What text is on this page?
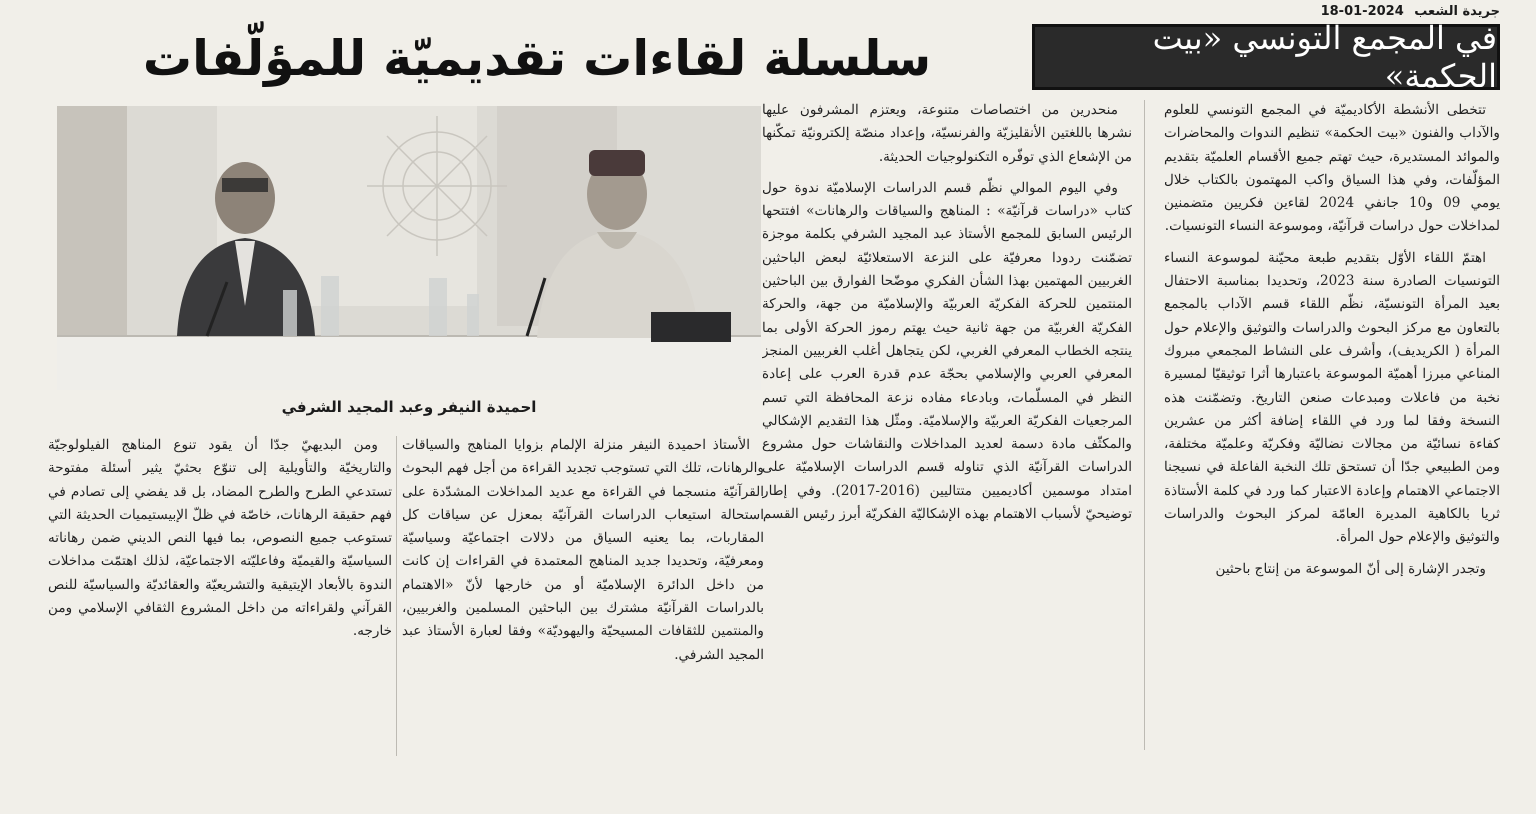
جريدة الشعب 2024-01-18
في المجمع التونسي «بيت الحكمة»
سلسلة لقاءات تقديميّة للمؤلّفات

تتخطى الأنشطة الأكاديميّة في المجمع التونسي للعلوم والآداب والفنون «بيت الحكمة» تنظيم الندوات والمحاضرات والموائد المستديرة، حيث تهتم جميع الأقسام العلميّة بتقديم المؤلّفات، وفي هذا السياق واكب المهتمون بالكتاب خلال يومي 09 و10 جانفي 2024 لقاءين فكريين متضمنين لمداخلات حول دراسات قرآنيّة، وموسوعة النساء التونسيات.

اهتمّ اللقاء الأوّل بتقديم طبعة محيّنة لموسوعة النساء التونسيات الصادرة سنة 2023، وتحديدا بمناسبة الاحتفال بعيد المرأة التونسيّة، نظّم اللقاء قسم الآداب بالمجمع بالتعاون مع مركز البحوث والدراسات والتوثيق والإعلام حول المرأة ( الكريديف)، وأشرف على النشاط المجمعي مبروك المناعي مبرزا أهميّة الموسوعة باعتبارها أثرا توثيقيّا لمسيرة نخبة من فاعلات ومبدعات صنعن التاريخ. وتضمّنت هذه النسخة وفقا لما ورد في اللقاء إضافة أكثر من عشرين كفاءة نسائيّة من مجالات نضاليّة وفكريّة وعلميّة مختلفة، ومن الطبيعي جدّا أن تستحق تلك النخبة الفاعلة في نسيجنا الاجتماعي الاهتمام وإعادة الاعتبار كما ورد في كلمة الأستاذة ثريا بالكاهية المديرة العامّة لمركز البحوث والدراسات والتوثيق والإعلام حول المرأة.

وتجدر الإشارة إلى أنّ الموسوعة من إنتاج باحثين

منحدرين من اختصاصات متنوعة، ويعتزم المشرفون عليها نشرها باللغتين الأنقليزيّة والفرنسيّة، وإعداد منصّة إلكترونيّة تمكّنها من الإشعاع الذي توفّره التكنولوجيات الحديثة.

وفي اليوم الموالي نظّم قسم الدراسات الإسلاميّة ندوة حول كتاب «دراسات قرآنيّة» : المناهج والسياقات والرهانات» افتتحها الرئيس السابق للمجمع الأستاذ عبد المجيد الشرفي بكلمة موجزة تضمّنت ردودا معرفيّة على النزعة الاستعلائيّة لبعض الباحثين الغربيين المهتمين بهذا الشأن الفكري موضّحا الفوارق بين الباحثين المنتمين للحركة الفكريّة العربيّة والإسلاميّة من جهة، والحركة الفكريّة الغربيّة من جهة ثانية حيث يهتم رموز الحركة الأولى بما ينتجه الخطاب المعرفي الغربي، لكن يتجاهل أغلب الغربيين المنجز المعرفي العربي والإسلامي بحجّة عدم قدرة العرب على إعادة النظر في المسلّمات، وبادعاء مفاده نزعة المحافظة التي تسم المرجعيات الفكريّة العربيّة والإسلاميّة. ومثّل هذا التقديم الإشكالي والمكثّف مادة دسمة لعديد المداخلات والنقاشات حول مشروع الدراسات القرآنيّة الذي تناوله قسم الدراسات الإسلاميّة على امتداد موسمين أكاديميين متتاليين (2016-2017). وفي إطار توضيحيّ لأسباب الاهتمام بهذه الإشكاليّة الفكريّة أبرز رئيس القسم

احميدة النيفر وعبد المجيد الشرفي

الأستاذ احميدة النيفر منزلة الإلمام بزوايا المناهج والسياقات والرهانات، تلك التي تستوجب تجديد القراءة من أجل فهم البحوث القرآنيّة منسجما في القراءة مع عديد المداخلات المشدّدة على استحالة استيعاب الدراسات القرآنيّة بمعزل عن سياقات كل المقاربات، بما يعنيه السياق من دلالات اجتماعيّة وسياسيّة ومعرفيّة، وتحديدا جديد المناهج المعتمدة في القراءات إن كانت من داخل الدائرة الإسلاميّة أو من خارجها لأنّ «الاهتمام بالدراسات القرآنيّة مشترك بين الباحثين المسلمين والغربيين، والمنتمين للثقافات المسيحيّة واليهوديّة» وفقا لعبارة الأستاذ عبد المجيد الشرفي.

ومن البديهيّ جدّا أن يقود تنوع المناهج الفيلولوجيّة والتاريخيّة والتأويلية إلى تنوّع بحثيّ يثير أسئلة مفتوحة تستدعي الطرح والطرح المضاد، بل قد يفضي إلى تصادم في فهم حقيقة الرهانات، خاصّة في ظلّ الإبيستيميات الحديثة التي تستوعب جميع النصوص، بما فيها النص الديني ضمن رهاناته السياسيّة والقيميّة وفاعليّته الاجتماعيّة، لذلك اهتمّت مداخلات الندوة بالأبعاد الإيتيقية والتشريعيّة والعقائديّة والسياسيّة للنص القرآني ولقراءاته من داخل المشروع الثقافي الإسلامي ومن خارجه.
